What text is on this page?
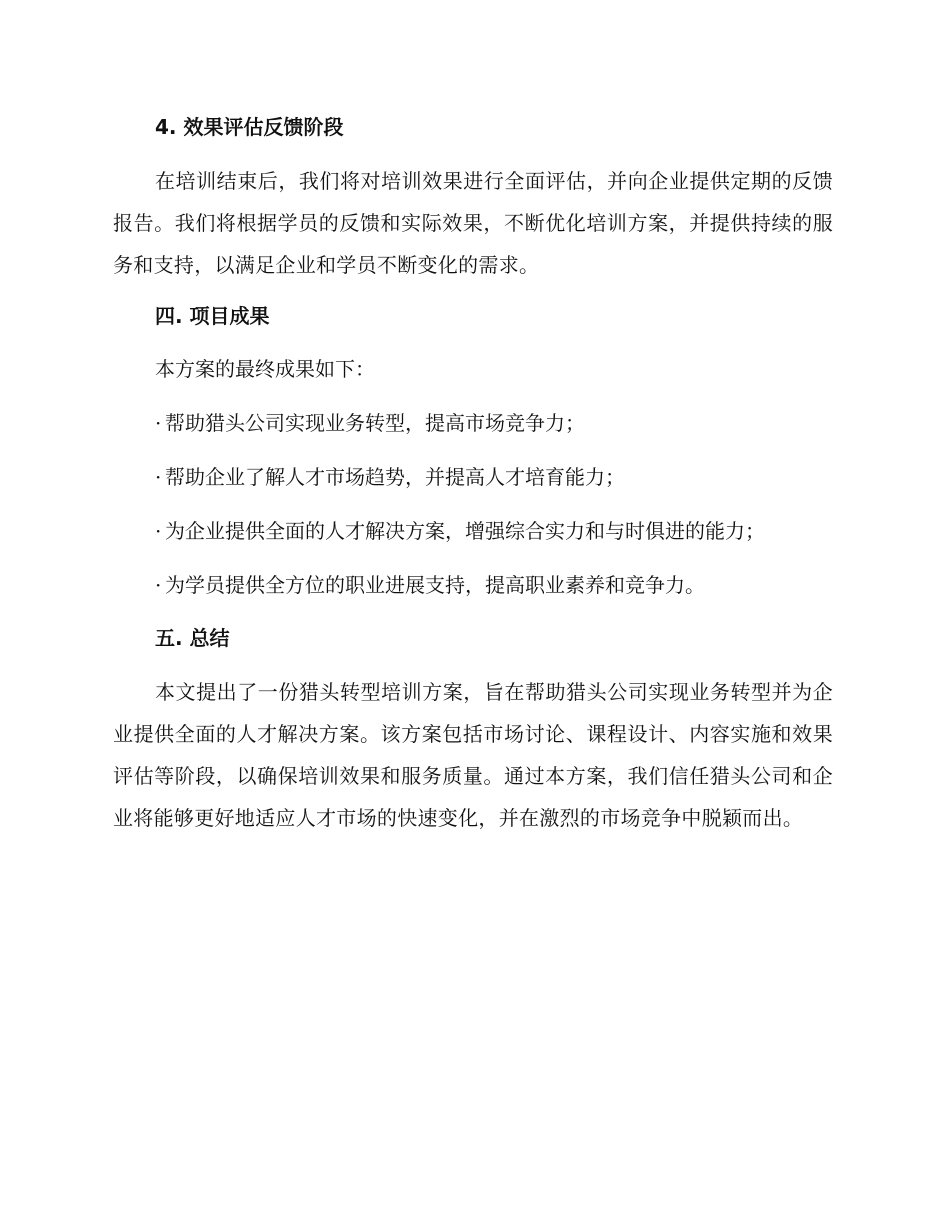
4. 效果评估反馈阶段

在培训结束后，我们将对培训效果进行全面评估，并向企业提供定期的反馈报告。我们将根据学员的反馈和实际效果，不断优化培训方案，并提供持续的服务和支持，以满足企业和学员不断变化的需求。

四. 项目成果
本方案的最终成果如下：
· 帮助猎头公司实现业务转型，提高市场竞争力；
· 帮助企业了解人才市场趋势，并提高人才培育能力；
· 为企业提供全面的人才解决方案，增强综合实力和与时俱进的能力；
· 为学员提供全方位的职业进展支持，提高职业素养和竞争力。
五. 总结

本文提出了一份猎头转型培训方案，旨在帮助猎头公司实现业务转型并为企业提供全面的人才解决方案。该方案包括市场讨论、课程设计、内容实施和效果评估等阶段，以确保培训效果和服务质量。通过本方案，我们信任猎头公司和企业将能够更好地适应人才市场的快速变化，并在激烈的市场竞争中脱颖而出。
